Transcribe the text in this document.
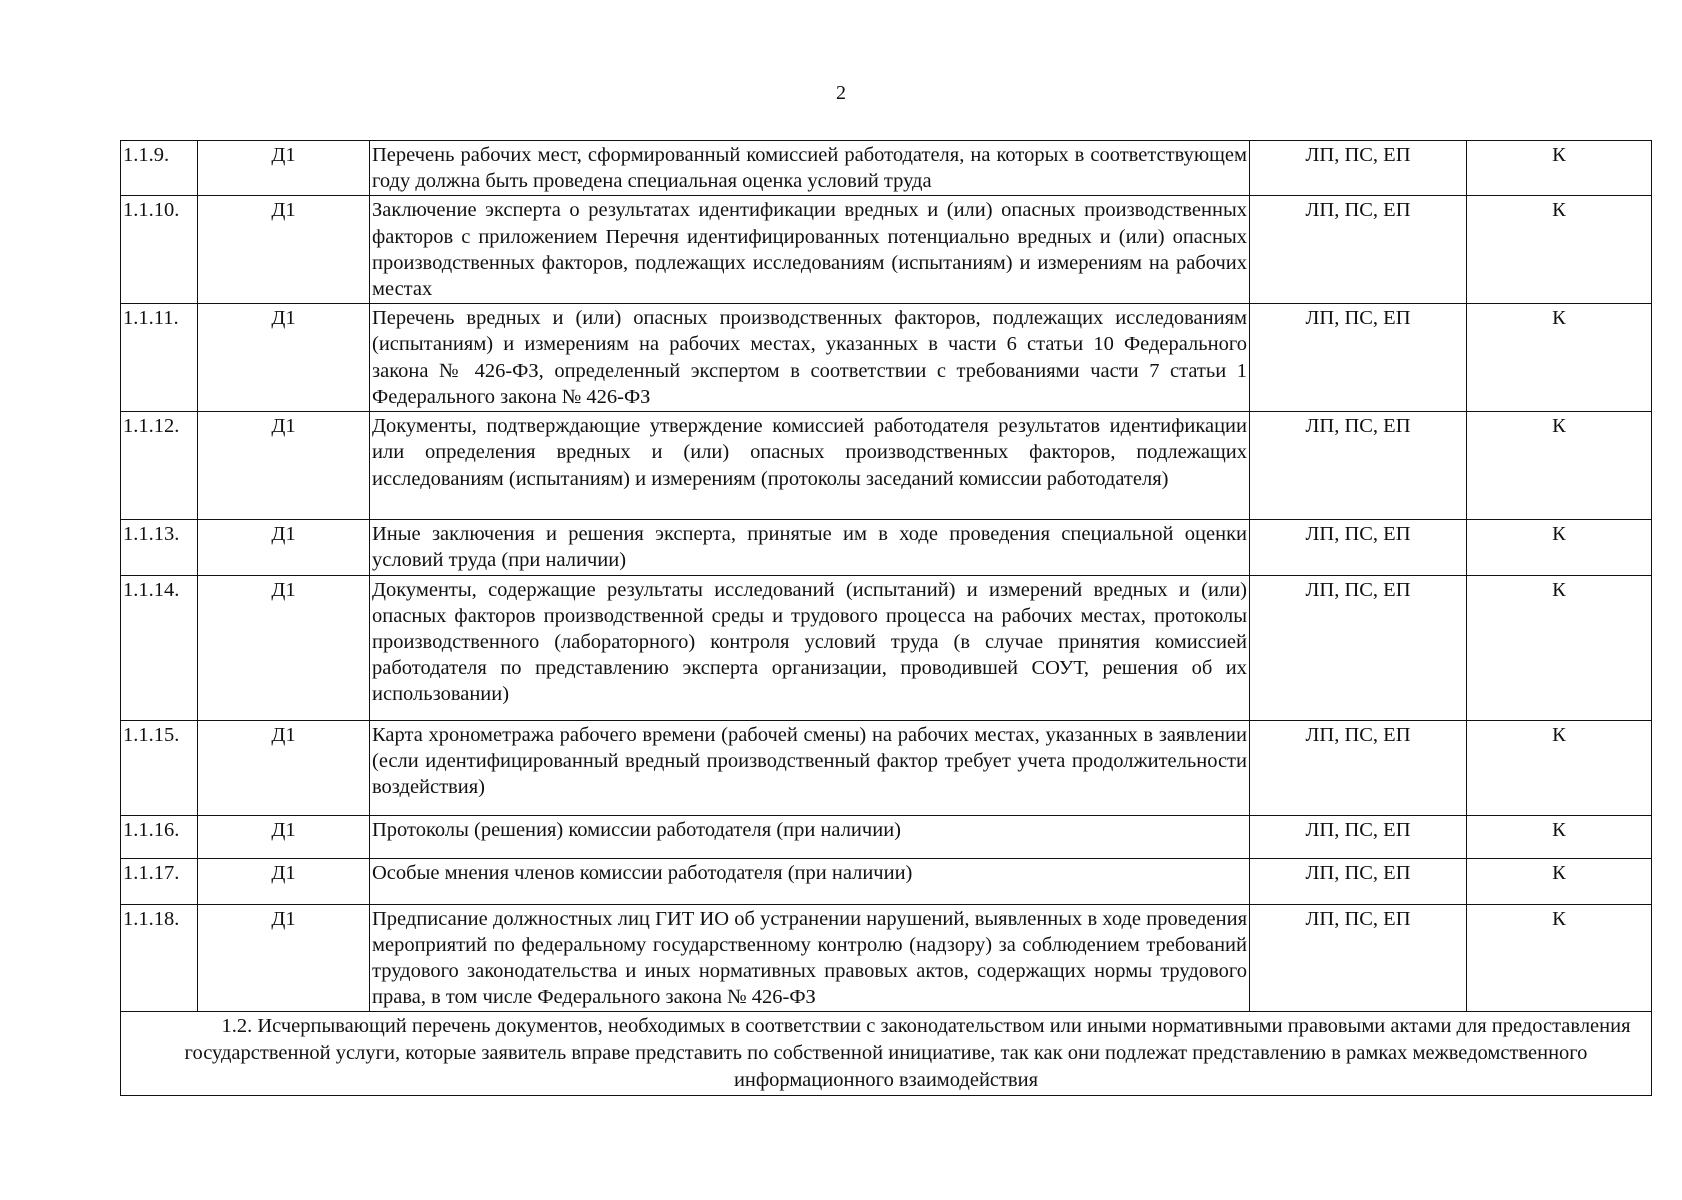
2
1.1.9.	Д1	Перечень рабочих мест, сформированный комиссией работодателя, на которых в соответствующем году должна быть проведена специальная оценка условий труда	ЛП, ПС, ЕП	К
1.1.10.	Д1	Заключение эксперта о результатах идентификации вредных и (или) опасных производственных факторов с приложением Перечня идентифицированных потенциально вредных и (или) опасных производственных факторов, подлежащих исследованиям (испытаниям) и измерениям на рабочих местах	ЛП, ПС, ЕП	К
1.1.11.	Д1	Перечень вредных и (или) опасных производственных факторов, подлежащих исследованиям (испытаниям) и измерениям на рабочих местах, указанных в части 6 статьи 10 Федерального закона № 426-ФЗ, определенный экспертом в соответствии с требованиями части 7 статьи 1 Федерального закона № 426-ФЗ	ЛП, ПС, ЕП	К
1.1.12.	Д1	Документы, подтверждающие утверждение комиссией работодателя результатов идентификации или определения вредных и (или) опасных производственных факторов, подлежащих исследованиям (испытаниям) и измерениям (протоколы заседаний комиссии работодателя)	ЛП, ПС, ЕП	К
1.1.13.	Д1	Иные заключения и решения эксперта, принятые им в ходе проведения специальной оценки условий труда (при наличии)	ЛП, ПС, ЕП	К
1.1.14.	Д1	Документы, содержащие результаты исследований (испытаний) и измерений вредных и (или) опасных факторов производственной среды и трудового процесса на рабочих местах, протоколы производственного (лабораторного) контроля условий труда (в случае принятия комиссией работодателя по представлению эксперта организации, проводившей СОУТ, решения об их использовании)	ЛП, ПС, ЕП	К
1.1.15.	Д1	Карта хронометража рабочего времени (рабочей смены) на рабочих местах, указанных в заявлении (если идентифицированный вредный производственный фактор требует учета продолжительности воздействия)	ЛП, ПС, ЕП	К
1.1.16.	Д1	Протоколы (решения) комиссии работодателя (при наличии)	ЛП, ПС, ЕП	К
1.1.17.	Д1	Особые мнения членов комиссии работодателя (при наличии)	ЛП, ПС, ЕП	К
1.1.18.	Д1	Предписание должностных лиц ГИТ ИО об устранении нарушений, выявленных в ходе проведения мероприятий по федеральному государственному контролю (надзору) за соблюдением требований трудового законодательства и иных нормативных правовых актов, содержащих нормы трудового права, в том числе Федерального закона № 426-ФЗ	ЛП, ПС, ЕП	К

1.2. Исчерпывающий перечень документов, необходимых в соответствии с законодательством или иными нормативными правовыми актами для предоставления государственной услуги, которые заявитель вправе представить по собственной инициативе, так как они подлежат представлению в рамках межведомственного информационного взаимодействия				
